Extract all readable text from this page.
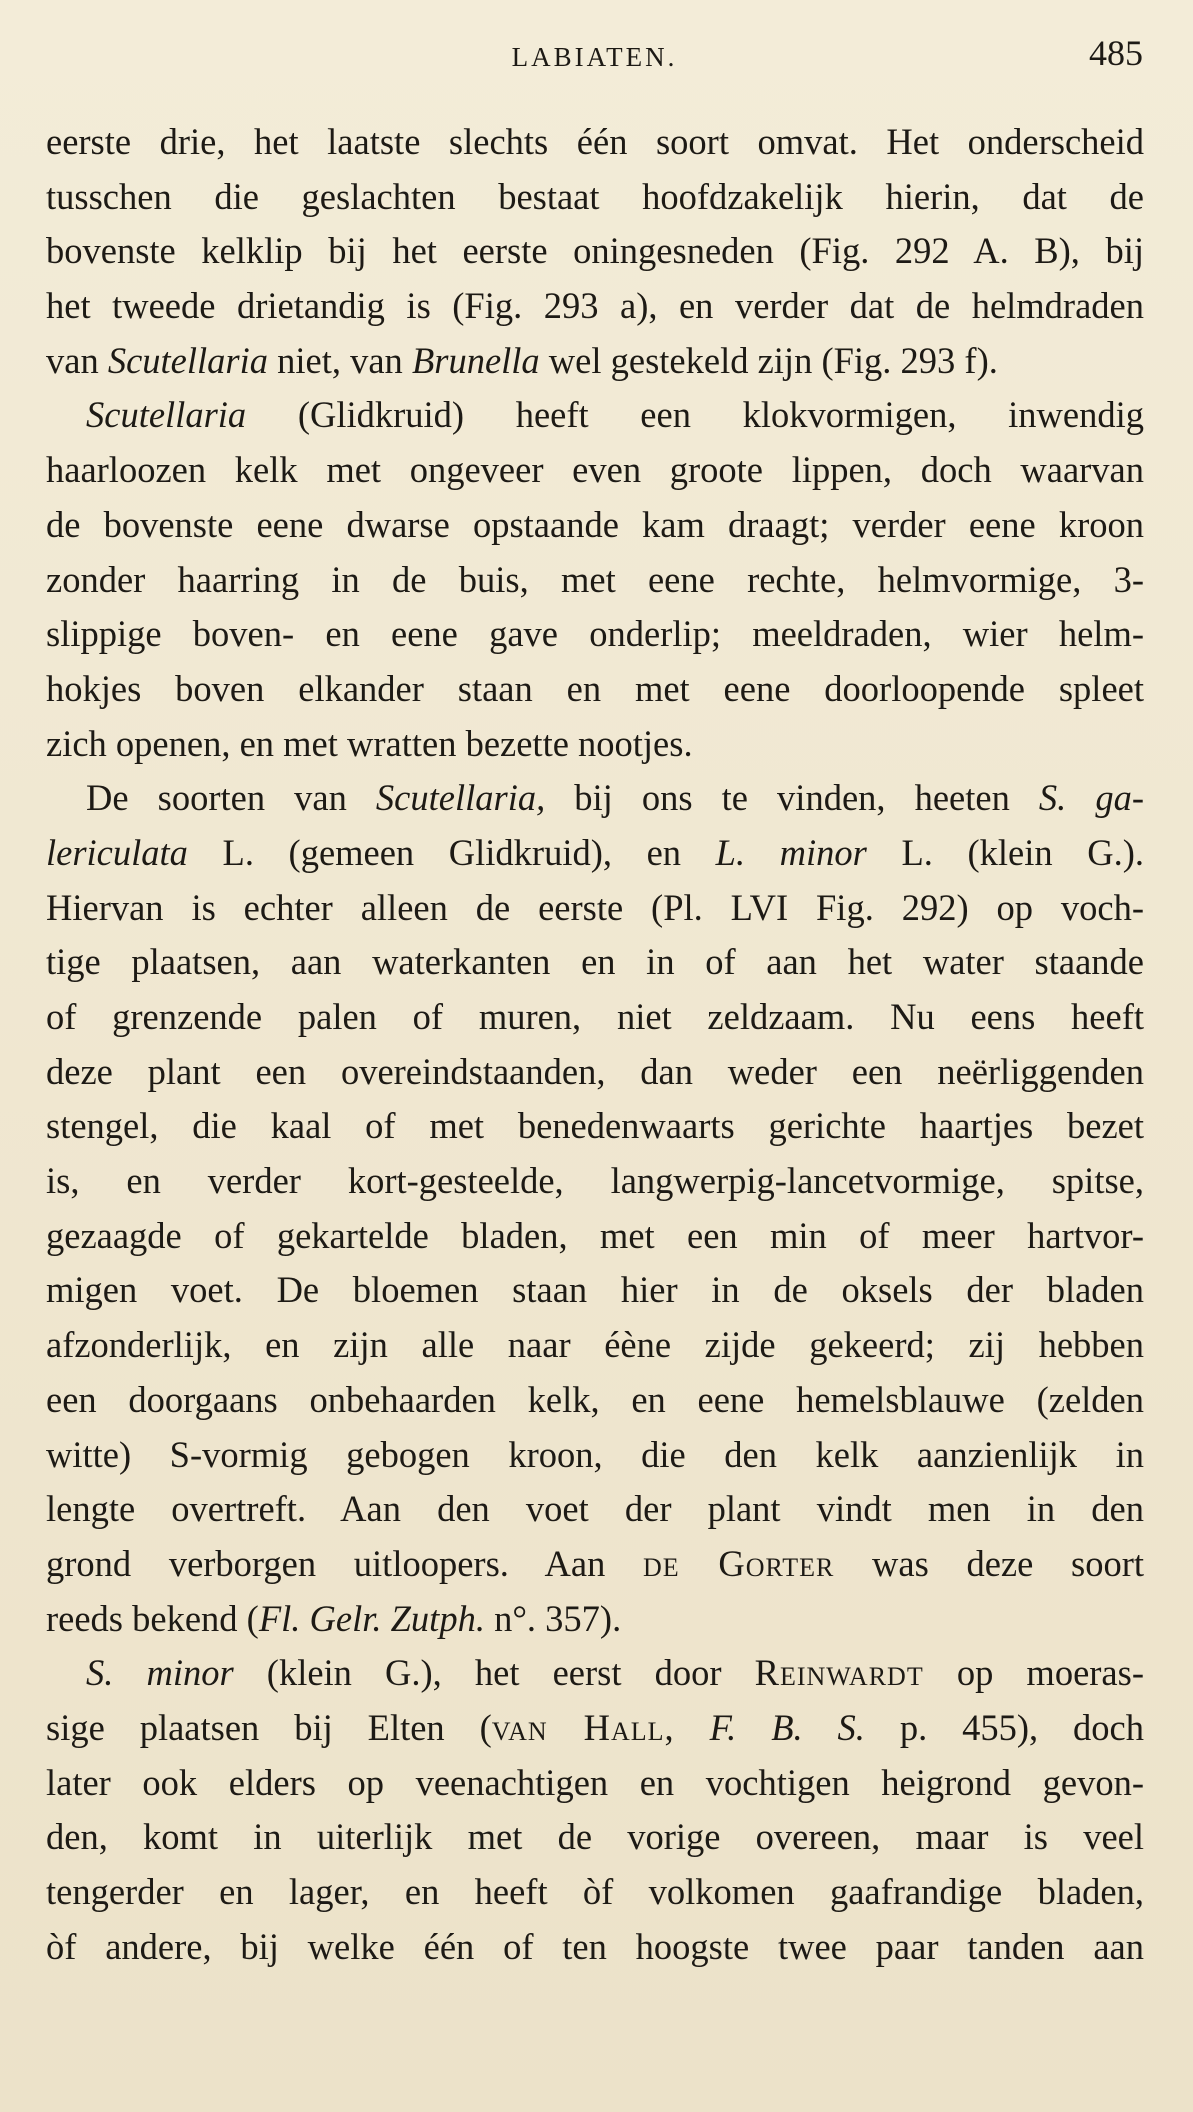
LABIATEN.	485
eerste drie, het laatste slechts één soort omvat. Het onderscheid
tusschen die geslachten bestaat hoofdzakelijk hierin, dat de
bovenste kelklip bij het eerste oningesneden (Fig. 292 A. B), bij
het tweede drietandig is (Fig. 293 a), en verder dat de helmdraden
van Scutellaria niet, van Brunella wel gestekeld zijn (Fig. 293 f).
Scutellaria (Glidkruid) heeft een klokvormigen, inwendig
haarloozen kelk met ongeveer even groote lippen, doch waarvan
de bovenste eene dwarse opstaande kam draagt; verder eene kroon
zonder haarring in de buis, met eene rechte, helmvormige, 3-
slippige boven- en eene gave onderlip; meeldraden, wier helm-
hokjes boven elkander staan en met eene doorloopende spleet
zich openen, en met wratten bezette nootjes.
De soorten van Scutellaria, bij ons te vinden, heeten S. ga-
lericulata L. (gemeen Glidkruid), en L. minor L. (klein G.).
Hiervan is echter alleen de eerste (Pl. LVI Fig. 292) op voch-
tige plaatsen, aan waterkanten en in of aan het water staande
of grenzende palen of muren, niet zeldzaam. Nu eens heeft
deze plant een overeindstaanden, dan weder een neërliggenden
stengel, die kaal of met benedenwaarts gerichte haartjes bezet
is, en verder kort-gesteelde, langwerpig-lancetvormige, spitse,
gezaagde of gekartelde bladen, met een min of meer hartvor-
migen voet. De bloemen staan hier in de oksels der bladen
afzonderlijk, en zijn alle naar éène zijde gekeerd; zij hebben
een doorgaans onbehaarden kelk, en eene hemelsblauwe (zelden
witte) S-vormig gebogen kroon, die den kelk aanzienlijk in
lengte overtreft. Aan den voet der plant vindt men in den
grond verborgen uitloopers. Aan de Gorter was deze soort
reeds bekend (Fl. Gelr. Zutph. n°. 357).
S. minor (klein G.), het eerst door Reinwardt op moeras-
sige plaatsen bij Elten (van Hall, F. B. S. p. 455), doch
later ook elders op veenachtigen en vochtigen heigrond gevon-
den, komt in uiterlijk met de vorige overeen, maar is veel
tengerder en lager, en heeft òf volkomen gaafrandige bladen,
òf andere, bij welke één of ten hoogste twee paar tanden aan
